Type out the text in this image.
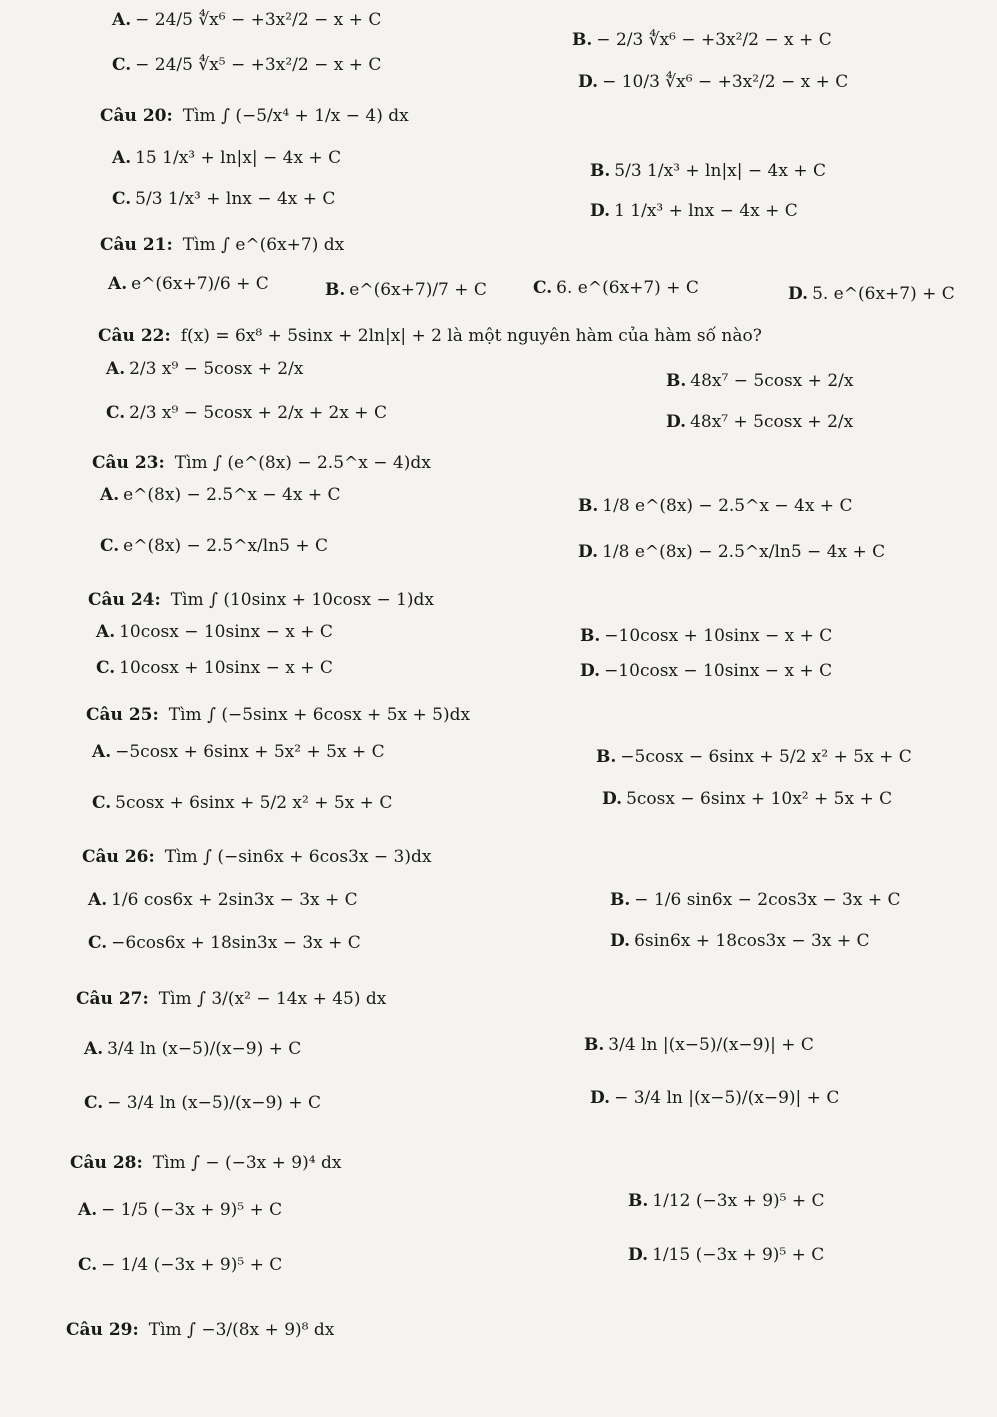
A. − 24/5 ∜x⁶ − +3x²/2 − x + C
B. − 2/3 ∜x⁶ − +3x²/2 − x + C
C. − 24/5 ∜x⁵ − +3x²/2 − x + C
D. − 10/3 ∜x⁶ − +3x²/2 − x + C
Câu 20: Tìm ∫ (−5/x⁴ + 1/x − 4) dx
A. 15 1/x³ + ln|x| − 4x + C
B. 5/3 1/x³ + ln|x| − 4x + C
C. 5/3 1/x³ + lnx − 4x + C
D. 1 1/x³ + lnx − 4x + C
Câu 21: Tìm ∫ e^(6x+7) dx
A. e^(6x+7)/6 + C	B. e^(6x+7)/7 + C	C. 6. e^(6x+7) + C	D. 5. e^(6x+7) + C
Câu 22: f(x) = 6x⁸ + 5sinx + 2ln|x| + 2 là một nguyên hàm của hàm số nào?
A. 2/3 x⁹ − 5cosx + 2/x
B. 48x⁷ − 5cosx + 2/x
C. 2/3 x⁹ − 5cosx + 2/x + 2x + C	D. 48x⁷ + 5cosx + 2/x
Câu 23: Tìm ∫ (e^(8x) − 2.5^x − 4)dx
A. e^(8x) − 2.5^x − 4x + C
B. 1/8 e^(8x) − 2.5^x − 4x + C
C. e^(8x) − 2.5^x/ln5 + C	D. 1/8 e^(8x) − 2.5^x/ln5 − 4x + C
Câu 24: Tìm ∫ (10sinx + 10cosx − 1)dx
A. 10cosx − 10sinx − x + C	B. −10cosx + 10sinx − x + C
C. 10cosx + 10sinx − x + C	D. −10cosx − 10sinx − x + C
Câu 25: Tìm ∫ (−5sinx + 6cosx + 5x + 5)dx
A. −5cosx + 6sinx + 5x² + 5x + C	B. −5cosx − 6sinx + 5/2 x² + 5x + C
C. 5cosx + 6sinx + 5/2 x² + 5x + C	D. 5cosx − 6sinx + 10x² + 5x + C
Câu 26: Tìm ∫ (−sin6x + 6cos3x − 3)dx
A. 1/6 cos6x + 2sin3x − 3x + C	B. − 1/6 sin6x − 2cos3x − 3x + C
C. −6cos6x + 18sin3x − 3x + C	D. 6sin6x + 18cos3x − 3x + C
Câu 27: Tìm ∫ 3/(x² − 14x + 45) dx
A. 3/4 ln (x−5)/(x−9) + C	B. 3/4 ln |(x−5)/(x−9)| + C
C. − 3/4 ln (x−5)/(x−9) + C	D. − 3/4 ln |(x−5)/(x−9)| + C
Câu 28: Tìm ∫ − (−3x + 9)⁴ dx
A. − 1/5 (−3x + 9)⁵ + C	B. 1/12 (−3x + 9)⁵ + C
C. − 1/4 (−3x + 9)⁵ + C	D. 1/15 (−3x + 9)⁵ + C
Câu 29: Tìm ∫ −3/(8x + 9)⁸ dx
